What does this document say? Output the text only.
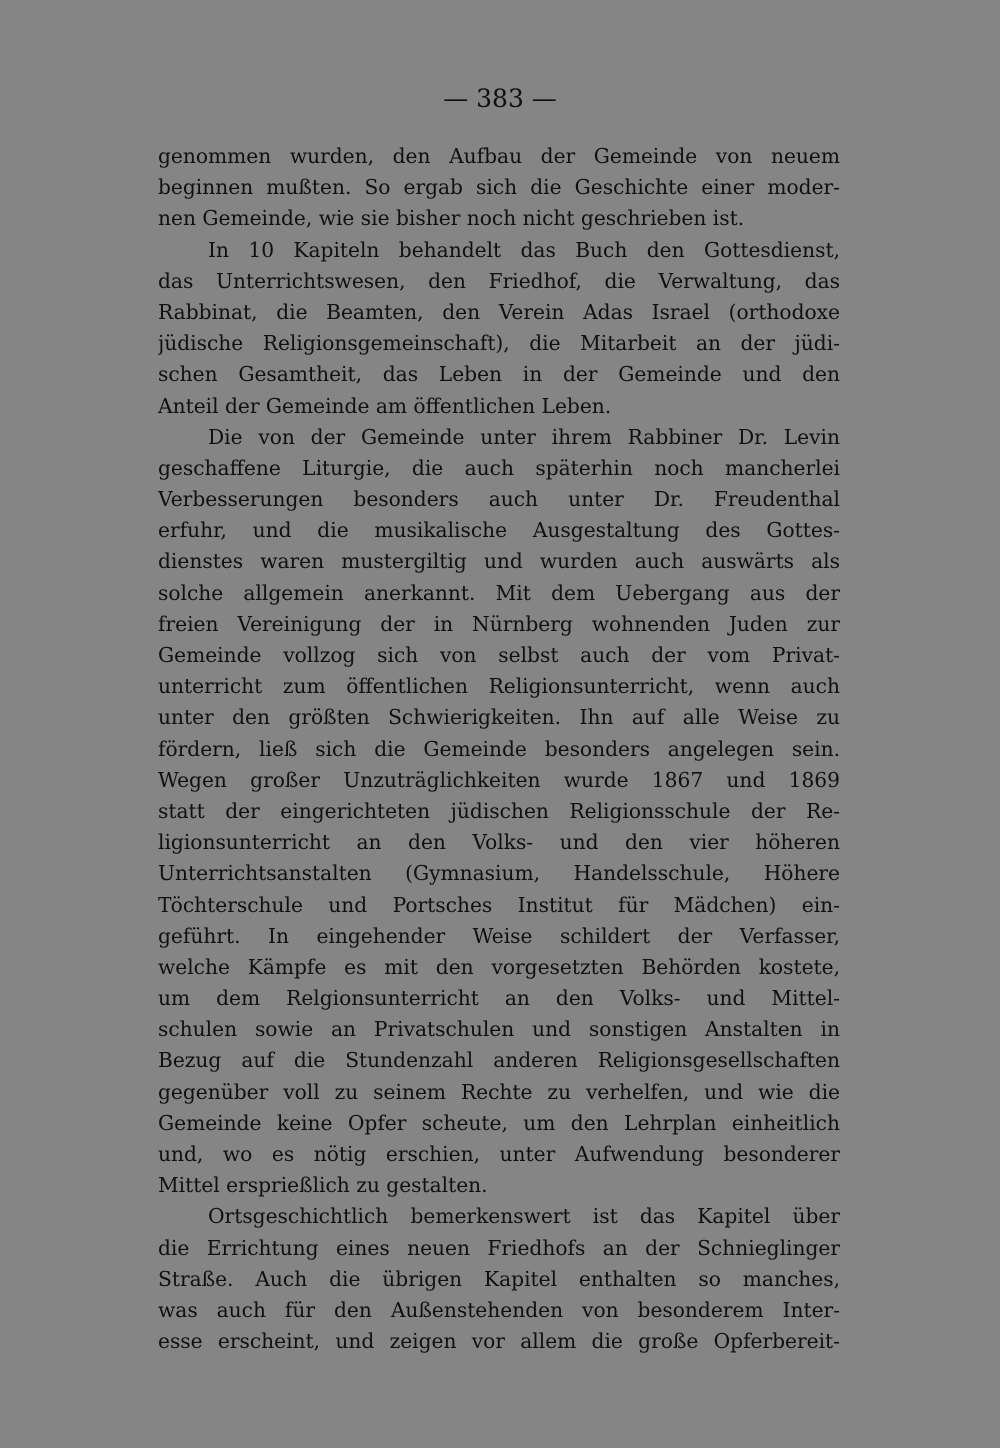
— 383 —
genommen wurden, den Aufbau der Gemeinde von neuem
beginnen mußten. So ergab sich die Geschichte einer moder-
nen Gemeinde, wie sie bisher noch nicht geschrieben ist.
In 10 Kapiteln behandelt das Buch den Gottesdienst,
das Unterrichtswesen, den Friedhof, die Verwaltung, das
Rabbinat, die Beamten, den Verein Adas Israel (orthodoxe
jüdische Religionsgemeinschaft), die Mitarbeit an der jüdi-
schen Gesamtheit, das Leben in der Gemeinde und den
Anteil der Gemeinde am öffentlichen Leben.
Die von der Gemeinde unter ihrem Rabbiner Dr. Levin
geschaffene Liturgie, die auch späterhin noch mancherlei
Verbesserungen besonders auch unter Dr. Freudenthal
erfuhr, und die musikalische Ausgestaltung des Gottes-
dienstes waren mustergiltig und wurden auch auswärts als
solche allgemein anerkannt. Mit dem Uebergang aus der
freien Vereinigung der in Nürnberg wohnenden Juden zur
Gemeinde vollzog sich von selbst auch der vom Privat-
unterricht zum öffentlichen Religionsunterricht, wenn auch
unter den größten Schwierigkeiten. Ihn auf alle Weise zu
fördern, ließ sich die Gemeinde besonders angelegen sein.
Wegen großer Unzuträglichkeiten wurde 1867 und 1869
statt der eingerichteten jüdischen Religionsschule der Re-
ligionsunterricht an den Volks- und den vier höheren
Unterrichtsanstalten (Gymnasium, Handelsschule, Höhere
Töchterschule und Portsches Institut für Mädchen) ein-
geführt. In eingehender Weise schildert der Verfasser,
welche Kämpfe es mit den vorgesetzten Behörden kostete,
um dem Relgionsunterricht an den Volks- und Mittel-
schulen sowie an Privatschulen und sonstigen Anstalten in
Bezug auf die Stundenzahl anderen Religionsgesellschaften
gegenüber voll zu seinem Rechte zu verhelfen, und wie die
Gemeinde keine Opfer scheute, um den Lehrplan einheitlich
und, wo es nötig erschien, unter Aufwendung besonderer
Mittel ersprießlich zu gestalten.
Ortsgeschichtlich bemerkenswert ist das Kapitel über
die Errichtung eines neuen Friedhofs an der Schnieglinger
Straße. Auch die übrigen Kapitel enthalten so manches,
was auch für den Außenstehenden von besonderem Inter-
esse erscheint, und zeigen vor allem die große Opferbereit-
